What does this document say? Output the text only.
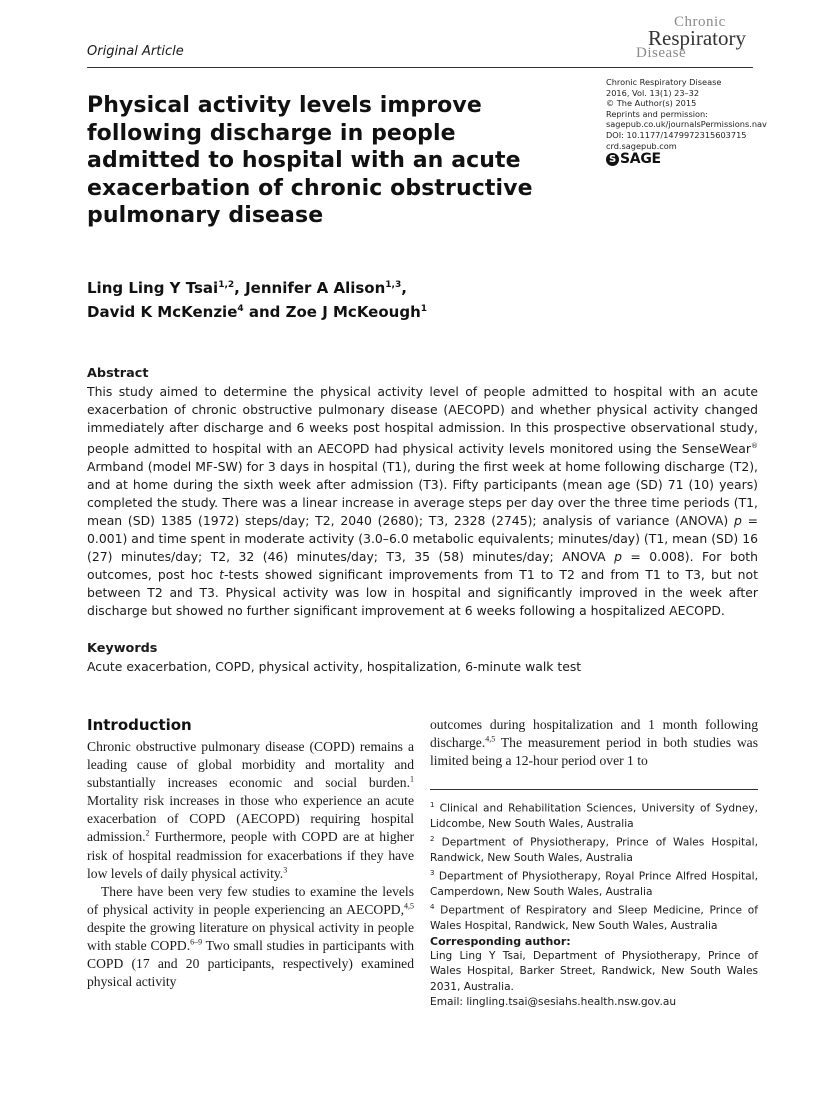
Original Article
Chronic
Respiratory
Disease
Chronic Respiratory Disease
2016, Vol. 13(1) 23–32
© The Author(s) 2015
Reprints and permission:
sagepub.co.uk/journalsPermissions.nav
DOI: 10.1177/1479972315603715
crd.sagepub.com
S SAGE
Physical activity levels improve following discharge in people admitted to hospital with an acute exacerbation of chronic obstructive pulmonary disease
Ling Ling Y Tsai$^{1,2}$, Jennifer A Alison$^{1,3}$,
David K McKenzie$^4$ and Zoe J McKeough$^1$
Abstract
This study aimed to determine the physical activity level of people admitted to hospital with an acute exacerbation of chronic obstructive pulmonary disease (AECOPD) and whether physical activity changed immediately after discharge and 6 weeks post hospital admission. In this prospective observational study, people admitted to hospital with an AECOPD had physical activity levels monitored using the SenseWear® Armband (model MF-SW) for 3 days in hospital (T1), during the first week at home following discharge (T2), and at home during the sixth week after admission (T3). Fifty participants (mean age (SD) 71 (10) years) completed the study. There was a linear increase in average steps per day over the three time periods (T1, mean (SD) 1385 (1972) steps/day; T2, 2040 (2680); T3, 2328 (2745); analysis of variance (ANOVA) p = 0.001) and time spent in moderate activity (3.0–6.0 metabolic equivalents; minutes/day) (T1, mean (SD) 16 (27) minutes/day; T2, 32 (46) minutes/day; T3, 35 (58) minutes/day; ANOVA p = 0.008). For both outcomes, post hoc t-tests showed significant improvements from T1 to T2 and from T1 to T3, but not between T2 and T3. Physical activity was low in hospital and significantly improved in the week after discharge but showed no further significant improvement at 6 weeks following a hospitalized AECOPD.
Keywords
Acute exacerbation, COPD, physical activity, hospitalization, 6-minute walk test
Introduction

Chronic obstructive pulmonary disease (COPD) remains a leading cause of global morbidity and mortality and substantially increases economic and social burden.$^1$ Mortality risk increases in those who experience an acute exacerbation of COPD (AECOPD) requiring hospital admission.$^2$ Furthermore, people with COPD are at higher risk of hospital readmission for exacerbations if they have low levels of daily physical activity.$^3$

There have been very few studies to examine the levels of physical activity in people experiencing an AECOPD,$^{4,5}$ despite the growing literature on physical activity in people with stable COPD.$^{6-9}$ Two small studies in participants with COPD (17 and 20 participants, respectively) examined physical activity

outcomes during hospitalization and 1 month following discharge.$^{4,5}$ The measurement period in both studies was limited being a 12-hour period over 1 to

$^1$ Clinical and Rehabilitation Sciences, University of Sydney, Lidcombe, New South Wales, Australia
$^2$ Department of Physiotherapy, Prince of Wales Hospital, Randwick, New South Wales, Australia
$^3$ Department of Physiotherapy, Royal Prince Alfred Hospital, Camperdown, New South Wales, Australia
$^4$ Department of Respiratory and Sleep Medicine, Prince of Wales Hospital, Randwick, New South Wales, Australia
Corresponding author:
Ling Ling Y Tsai, Department of Physiotherapy, Prince of Wales Hospital, Barker Street, Randwick, New South Wales 2031, Australia.
Email: lingling.tsai@sesiahs.health.nsw.gov.au
